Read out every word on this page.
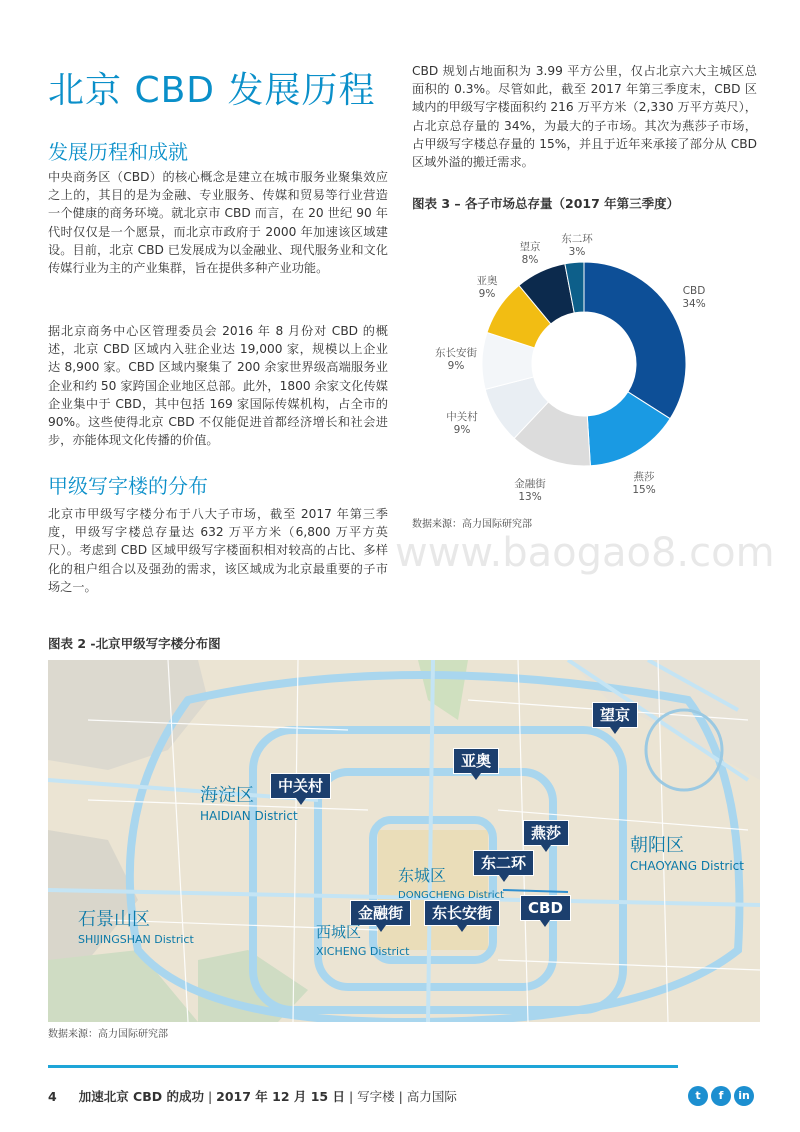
北京 CBD 发展历程
发展历程和成就

中央商务区（CBD）的核心概念是建立在城市服务业聚集效应之上的，其目的是为金融、专业服务、传媒和贸易等行业营造一个健康的商务环境。就北京市 CBD 而言，在 20 世纪 90 年代时仅仅是一个愿景，而北京市政府于 2000 年加速该区域建设。目前，北京 CBD 已发展成为以金融业、现代服务业和文化传媒行业为主的产业集群，旨在提供多种产业功能。

据北京商务中心区管理委员会 2016 年 8 月份对 CBD 的概述，北京 CBD 区域内入驻企业达 19,000 家，规模以上企业达 8,900 家。CBD 区域内聚集了 200 余家世界级高端服务业企业和约 50 家跨国企业地区总部。此外，1800 余家文化传媒企业集中于 CBD，其中包括 169 家国际传媒机构，占全市的 90%。这些使得北京 CBD 不仅能促进首都经济增长和社会进步，亦能体现文化传播的价值。

甲级写字楼的分布

北京市甲级写字楼分布于八大子市场，截至 2017 年第三季度，甲级写字楼总存量达 632 万平方米（6,800 万平方英尺）。考虑到 CBD 区域甲级写字楼面积相对较高的占比、多样化的租户组合以及强劲的需求，该区域成为北京最重要的子市场之一。

CBD 规划占地面积为 3.99 平方公里，仅占北京六大主城区总面积的 0.3%。尽管如此，截至 2017 年第三季度末，CBD 区域内的甲级写字楼面积约 216 万平方米（2,330 万平方英尺），占北京总存量的 34%，为最大的子市场。其次为燕莎子市场，占甲级写字楼总存量的 15%，并且于近年来承接了部分从 CBD 区域外溢的搬迁需求。

图表 3 – 各子市场总存量（2017 年第三季度）

CBD
34%
燕莎
15%
金融街
13%
中关村
9%
东长安街
9%
亚奥
9%
望京
8%
东二环
3%

数据来源：高力国际研究部

www.baogao8.com

图表 2 -北京甲级写字楼分布图

望京
亚奥
中关村
燕莎
东二环
金融街	东长安街	CBD
海淀区
HAIDIAN District
朝阳区
CHAOYANG District
东城区
DONGCHENG District
西城区
XICHENG District
石景山区
SHIJINGSHAN District

数据来源：高力国际研究部

4 加速北京 CBD 的成功 | 2017 年 12 月 15 日 | 写字楼 | 高力国际	t	f	in
